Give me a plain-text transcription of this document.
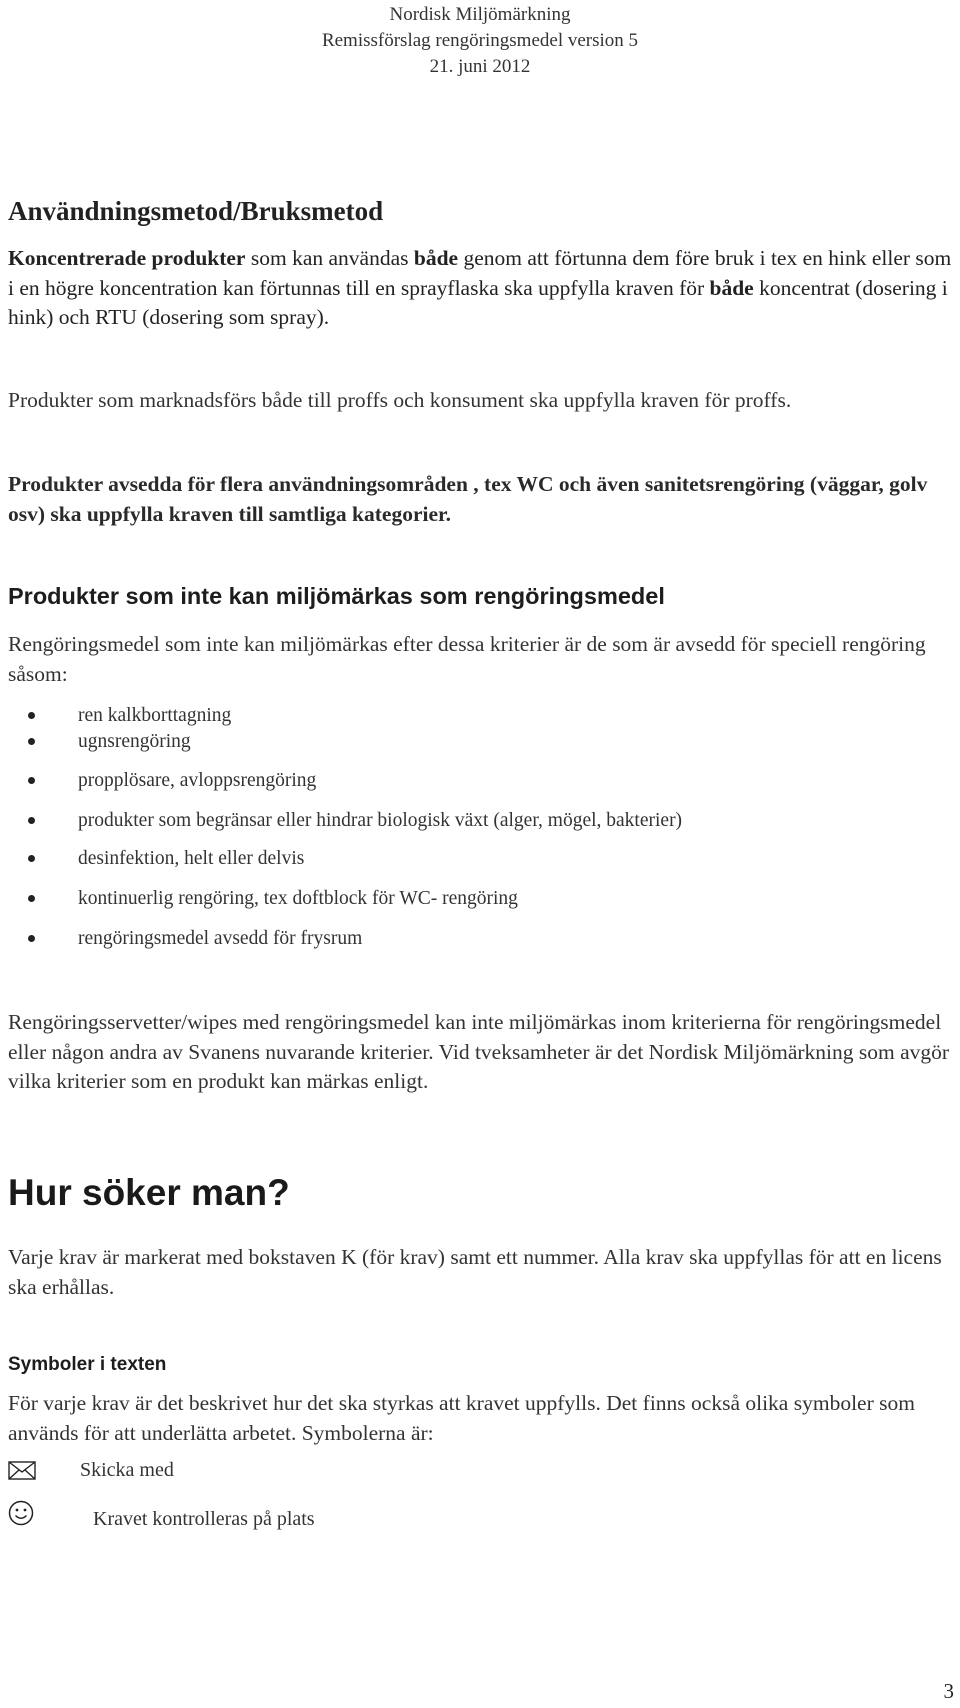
Nordisk Miljömärkning
Remissförslag rengöringsmedel version 5
21. juni 2012
Användningsmetod/Bruksmetod
Koncentrerade produkter som kan användas både genom att förtunna dem före bruk i tex en hink eller som i en högre koncentration kan förtunnas till en sprayflaska ska uppfylla kraven för både koncentrat (dosering i hink) och RTU (dosering som spray).
Produkter som marknadsförs både till proffs och konsument ska uppfylla kraven för proffs.
Produkter avsedda för flera användningsområden , tex WC och även sanitetsrengöring (väggar, golv osv) ska uppfylla kraven till samtliga kategorier.
Produkter som inte kan miljömärkas som rengöringsmedel
Rengöringsmedel som inte kan miljömärkas efter dessa kriterier är de som är avsedd för speciell rengöring såsom:
ren kalkborttagning
ugnsrengöring
propplösare, avloppsrengöring
produkter som begränsar eller hindrar biologisk växt (alger, mögel, bakterier)
desinfektion, helt eller delvis
kontinuerlig rengöring, tex doftblock för WC- rengöring
rengöringsmedel avsedd för frysrum
Rengöringsservetter/wipes med rengöringsmedel kan inte miljömärkas inom kriterierna för rengöringsmedel eller någon andra av Svanens nuvarande kriterier. Vid tveksamheter är det Nordisk Miljömärkning som avgör vilka kriterier som en produkt kan märkas enligt.
Hur söker man?
Varje krav är markerat med bokstaven K (för krav) samt ett nummer. Alla krav ska uppfyllas för att en licens ska erhållas.
Symboler i texten
För varje krav är det beskrivet hur det ska styrkas att kravet uppfylls. Det finns också olika symboler som används för att underlätta arbetet. Symbolerna är:
Skicka med
Kravet kontrolleras på plats
3
